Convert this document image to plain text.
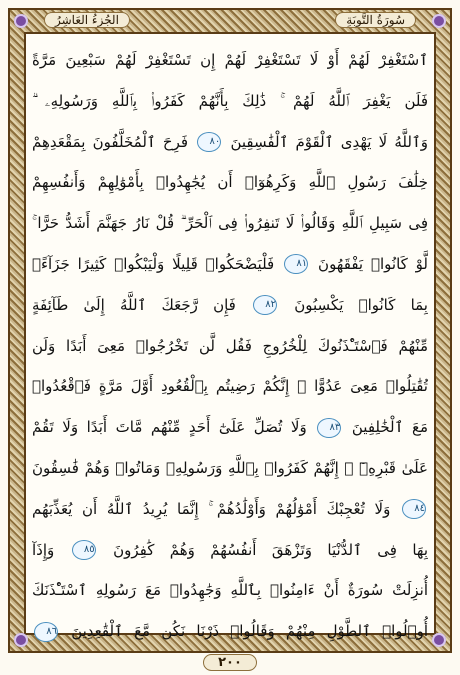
الجُزءُ العَاشِرُ	سُورَةُ التَّوبَةِ
ٱسْتَغْفِرْ لَهُمْ أَوْ لَا تَسْتَغْفِرْ لَهُمْ إِن تَسْتَغْفِرْ لَهُمْ سَبْعِينَ مَرَّةً
فَلَن يَغْفِرَ ٱللَّهُ لَهُمْ ۚ ذَٰلِكَ بِأَنَّهُمْ كَفَرُوا۟ بِٱللَّهِ وَرَسُولِهِۦ ۗ
وَٱللَّهُ لَا يَهْدِى ٱلْقَوْمَ ٱلْفَٰسِقِينَ ٨٠ فَرِحَ ٱلْمُخَلَّفُونَ بِمَقْعَدِهِمْ
خِلَٰفَ رَسُولِ ٱللَّهِ وَكَرِهُوٓا۟ أَن يُجَٰهِدُوا۟ بِأَمْوَٰلِهِمْ وَأَنفُسِهِمْ
فِى سَبِيلِ ٱللَّهِ وَقَالُوا۟ لَا تَنفِرُوا۟ فِى ٱلْحَرِّ ۗ قُلْ نَارُ جَهَنَّمَ أَشَدُّ حَرًّا ۚ
لَّوْ كَانُوا۟ يَفْقَهُونَ ٨١ فَلْيَضْحَكُوا۟ قَلِيلًا وَلْيَبْكُوا۟ كَثِيرًا جَزَآءًۢ
بِمَا كَانُوا۟ يَكْسِبُونَ ٨٢ فَإِن رَّجَعَكَ ٱللَّهُ إِلَىٰ طَآئِفَةٍ
مِّنْهُمْ فَٱسْتَـْٔذَنُوكَ لِلْخُرُوجِ فَقُل لَّن تَخْرُجُوا۟ مَعِىَ أَبَدًا وَلَن
تُقَٰتِلُوا۟ مَعِىَ عَدُوًّا ۖ إِنَّكُمْ رَضِيتُم بِٱلْقُعُودِ أَوَّلَ مَرَّةٍ فَٱقْعُدُوا۟
مَعَ ٱلْخَٰلِفِينَ ٨٣ وَلَا تُصَلِّ عَلَىٰٓ أَحَدٍ مِّنْهُم مَّاتَ أَبَدًا وَلَا تَقُمْ
عَلَىٰ قَبْرِهِۦٓ ۖ إِنَّهُمْ كَفَرُوا۟ بِٱللَّهِ وَرَسُولِهِۦ وَمَاتُوا۟ وَهُمْ فَٰسِقُونَ
٨٤ وَلَا تُعْجِبْكَ أَمْوَٰلُهُمْ وَأَوْلَٰدُهُمْ ۚ إِنَّمَا يُرِيدُ ٱللَّهُ أَن يُعَذِّبَهُم
بِهَا فِى ٱلدُّنْيَا وَتَزْهَقَ أَنفُسُهُمْ وَهُمْ كَٰفِرُونَ ٨٥ وَإِذَآ
أُنزِلَتْ سُورَةٌ أَنْ ءَامِنُوا۟ بِٱللَّهِ وَجَٰهِدُوا۟ مَعَ رَسُولِهِ ٱسْتَـْٔذَنَكَ
أُو۟لُوا۟ ٱلطَّوْلِ مِنْهُمْ وَقَالُوا۟ ذَرْنَا نَكُن مَّعَ ٱلْقَٰعِدِينَ ٨٦
٢٠٠
